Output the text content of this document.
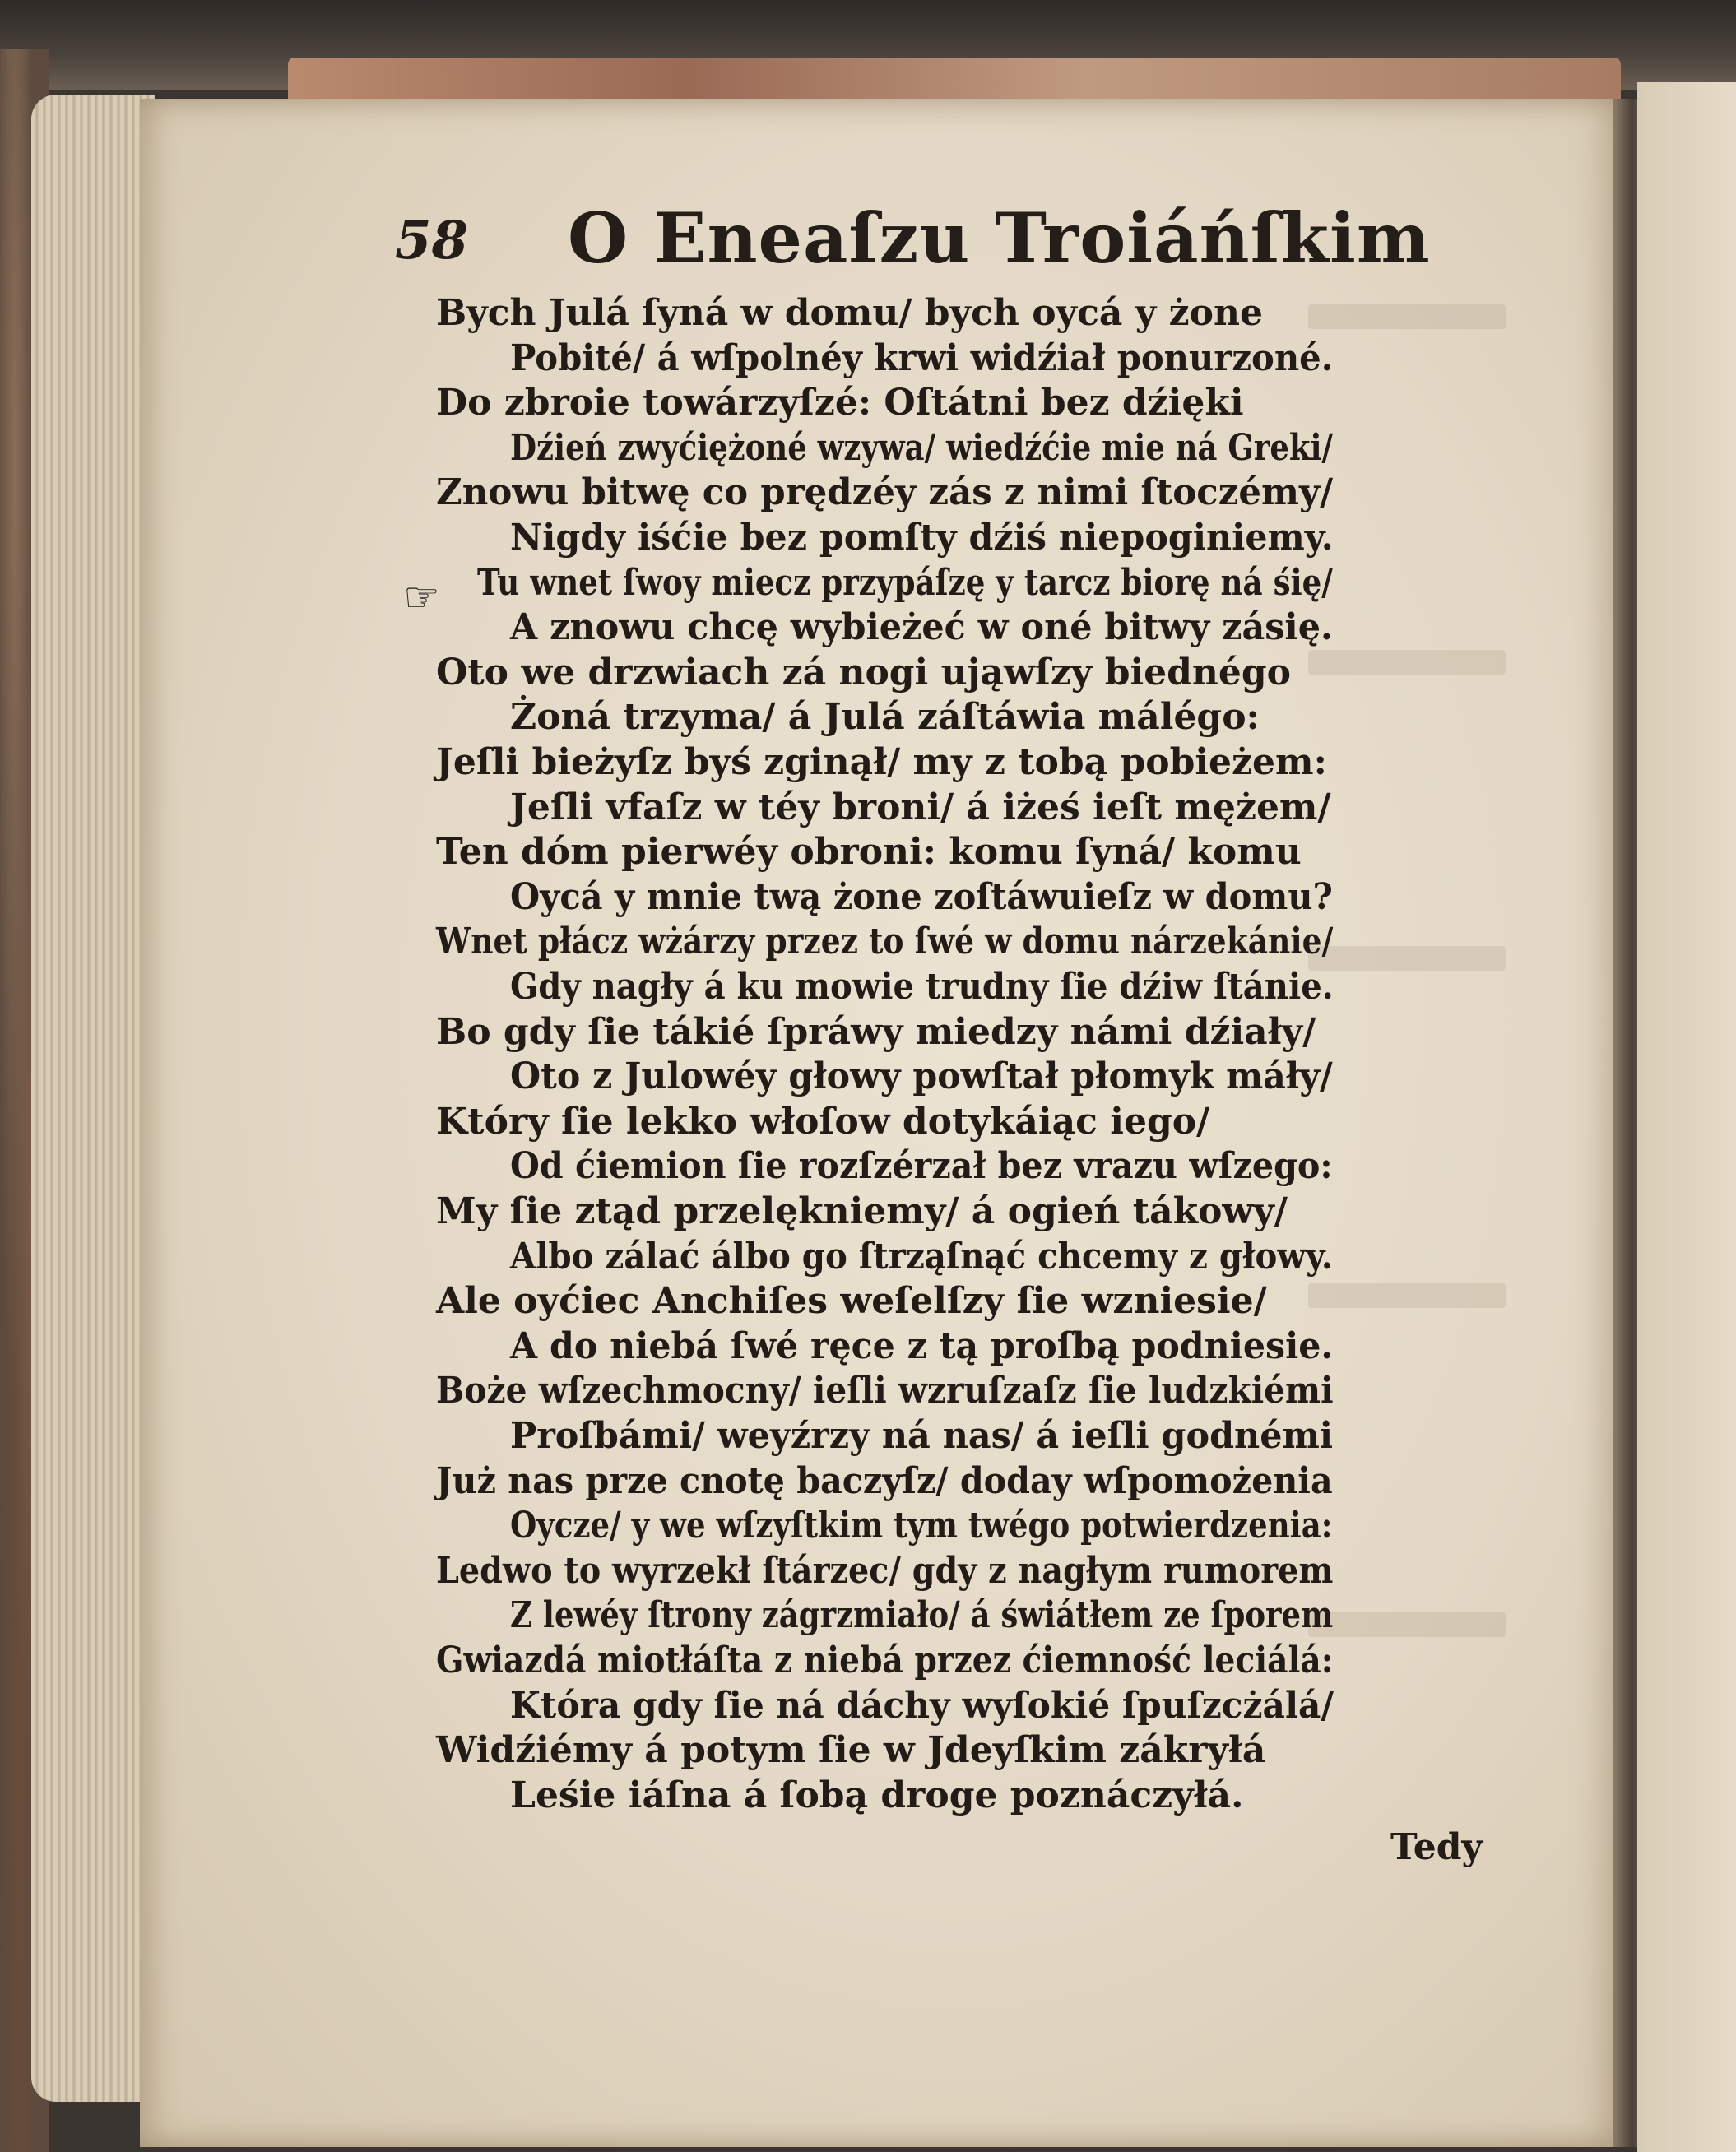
58 O Eneaſzu Troiáńſkim
☞
Bych Julá ſyná w domu/ bych oycá y żone
Pobité/ á wſpolnéy krwi widźiał ponurzoné.
Do zbroie towárzyſzé: Oſtátni bez dźięki
Dźień zwyćiężoné wzywa/ wiedźćie mie ná Greki/
Znowu bitwę co prędzéy zás z nimi ſtoczémy/
Nigdy iśćie bez pomſty dźiś niepoginiemy.
Tu wnet ſwoy miecz przypáſzę y tarcz biorę ná śię/
A znowu chcę wybieżeć w oné bitwy zásię.
Oto we drzwiach zá nogi ująwſzy biednégo
Żoná trzyma/ á Julá záſtáwia málégo:
Jeſli bieżyſz byś zginął/ my z tobą pobieżem:
Jeſli vfaſz w téy broni/ á iżeś ieſt mężem/
Ten dóm pierwéy obroni: komu ſyná/ komu
Oycá y mnie twą żone zoſtáwuieſz w domu?
Wnet płácz wżárzy przez to ſwé w domu nárzekánie/
Gdy nagły á ku mowie trudny ſie dźiw ſtánie.
Bo gdy ſie tákié ſpráwy miedzy námi dźiały/
Oto z Julowéy głowy powſtał płomyk máły/
Który ſie lekko włoſow dotykáiąc iego/
Od ćiemion ſie rozſzérzał bez vrazu wſzego:
My ſie ztąd przelękniemy/ á ogień tákowy/
Albo zálać álbo go ſtrząſnąć chcemy z głowy.
Ale oyćiec Anchiſes weſelſzy ſie wzniesie/
A do niebá ſwé ręce z tą proſbą podniesie.
Boże wſzechmocny/ ieſli wzruſzaſz ſie ludzkiémi
Proſbámi/ weyźrzy ná nas/ á ieſli godnémi
Już nas prze cnotę baczyſz/ doday wſpomożenia
Oycze/ y we wſzyſtkim tym twégo potwierdzenia:
Ledwo to wyrzekł ſtárzec/ gdy z nagłym rumorem
Z lewéy ſtrony zágrzmiało/ á świátłem ze ſporem
Gwiazdá miotłáſta z niebá przez ćiemność leciálá:
Która gdy ſie ná dáchy wyſokié ſpuſzcżálá/
Widźiémy á potym ſie w Jdeyſkim zákryłá
Leśie iáſna á ſobą droge poznáczyłá.
Tedy
